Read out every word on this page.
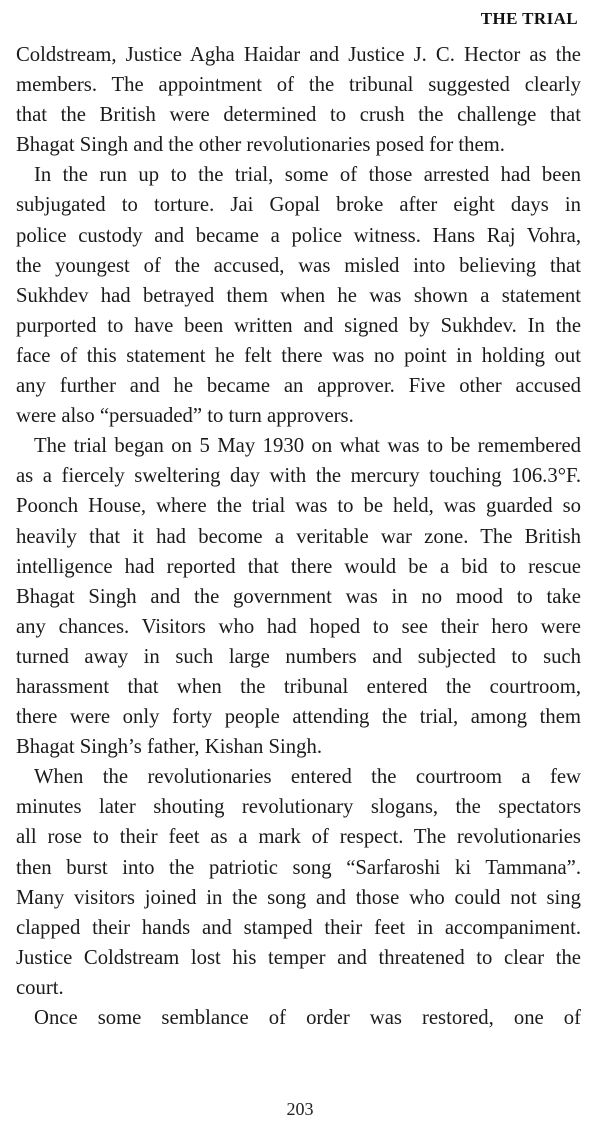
THE TRIAL
Coldstream, Justice Agha Haidar and Justice J. C. Hector as the
members. The appointment of the tribunal suggested clearly
that the British were determined to crush the challenge that
Bhagat Singh and the other revolutionaries posed for them.
In the run up to the trial, some of those arrested had been
subjugated to torture. Jai Gopal broke after eight days in
police custody and became a police witness. Hans Raj Vohra,
the youngest of the accused, was misled into believing that
Sukhdev had betrayed them when he was shown a statement
purported to have been written and signed by Sukhdev. In the
face of this statement he felt there was no point in holding out
any further and he became an approver. Five other accused
were also “persuaded” to turn approvers.
The trial began on 5 May 1930 on what was to be remembered
as a fiercely sweltering day with the mercury touching 106.3°F.
Poonch House, where the trial was to be held, was guarded so
heavily that it had become a veritable war zone. The British
intelligence had reported that there would be a bid to rescue
Bhagat Singh and the government was in no mood to take
any chances. Visitors who had hoped to see their hero were
turned away in such large numbers and subjected to such
harassment that when the tribunal entered the courtroom,
there were only forty people attending the trial, among them
Bhagat Singh’s father, Kishan Singh.
When the revolutionaries entered the courtroom a few
minutes later shouting revolutionary slogans, the spectators
all rose to their feet as a mark of respect. The revolutionaries
then burst into the patriotic song “Sarfaroshi ki Tammana”.
Many visitors joined in the song and those who could not sing
clapped their hands and stamped their feet in accompaniment.
Justice Coldstream lost his temper and threatened to clear the
court.
Once some semblance of order was restored, one of
203
